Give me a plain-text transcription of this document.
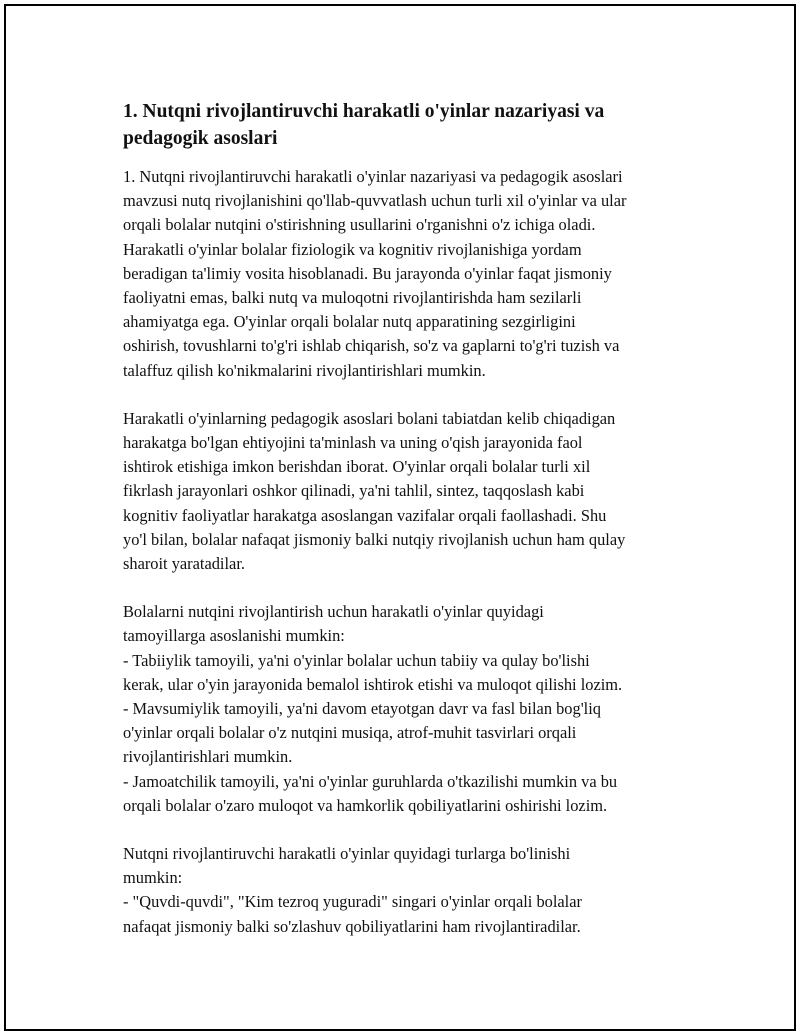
1. Nutqni rivojlantiruvchi harakatli o'yinlar nazariyasi va
pedagogik asoslari

1. Nutqni rivojlantiruvchi harakatli o'yinlar nazariyasi va pedagogik asoslari
mavzusi nutq rivojlanishini qo'llab-quvvatlash uchun turli xil o'yinlar va ular
orqali bolalar nutqini o'stirishning usullarini o'rganishni o'z ichiga oladi.
Harakatli o'yinlar bolalar fiziologik va kognitiv rivojlanishiga yordam
beradigan ta'limiy vosita hisoblanadi. Bu jarayonda o'yinlar faqat jismoniy
faoliyatni emas, balki nutq va muloqotni rivojlantirishda ham sezilarli
ahamiyatga ega. O'yinlar orqali bolalar nutq apparatining sezgirligini
oshirish, tovushlarni to'g'ri ishlab chiqarish, so'z va gaplarni to'g'ri tuzish va
talaffuz qilish ko'nikmalarini rivojlantirishlari mumkin.

Harakatli o'yinlarning pedagogik asoslari bolani tabiatdan kelib chiqadigan
harakatga bo'lgan ehtiyojini ta'minlash va uning o'qish jarayonida faol
ishtirok etishiga imkon berishdan iborat. O'yinlar orqali bolalar turli xil
fikrlash jarayonlari oshkor qilinadi, ya'ni tahlil, sintez, taqqoslash kabi
kognitiv faoliyatlar harakatga asoslangan vazifalar orqali faollashadi. Shu
yo'l bilan, bolalar nafaqat jismoniy balki nutqiy rivojlanish uchun ham qulay
sharoit yaratadilar.

Bolalarni nutqini rivojlantirish uchun harakatli o'yinlar quyidagi
tamoyillarga asoslanishi mumkin:
- Tabiiylik tamoyili, ya'ni o'yinlar bolalar uchun tabiiy va qulay bo'lishi
kerak, ular o'yin jarayonida bemalol ishtirok etishi va muloqot qilishi lozim.
- Mavsumiylik tamoyili, ya'ni davom etayotgan davr va fasl bilan bog'liq
o'yinlar orqali bolalar o'z nutqini musiqa, atrof-muhit tasvirlari orqali
rivojlantirishlari mumkin.
- Jamoatchilik tamoyili, ya'ni o'yinlar guruhlarda o'tkazilishi mumkin va bu
orqali bolalar o'zaro muloqot va hamkorlik qobiliyatlarini oshirishi lozim.

Nutqni rivojlantiruvchi harakatli o'yinlar quyidagi turlarga bo'linishi
mumkin:
- "Quvdi-quvdi", "Kim tezroq yuguradi" singari o'yinlar orqali bolalar
nafaqat jismoniy balki so'zlashuv qobiliyatlarini ham rivojlantiradilar.
